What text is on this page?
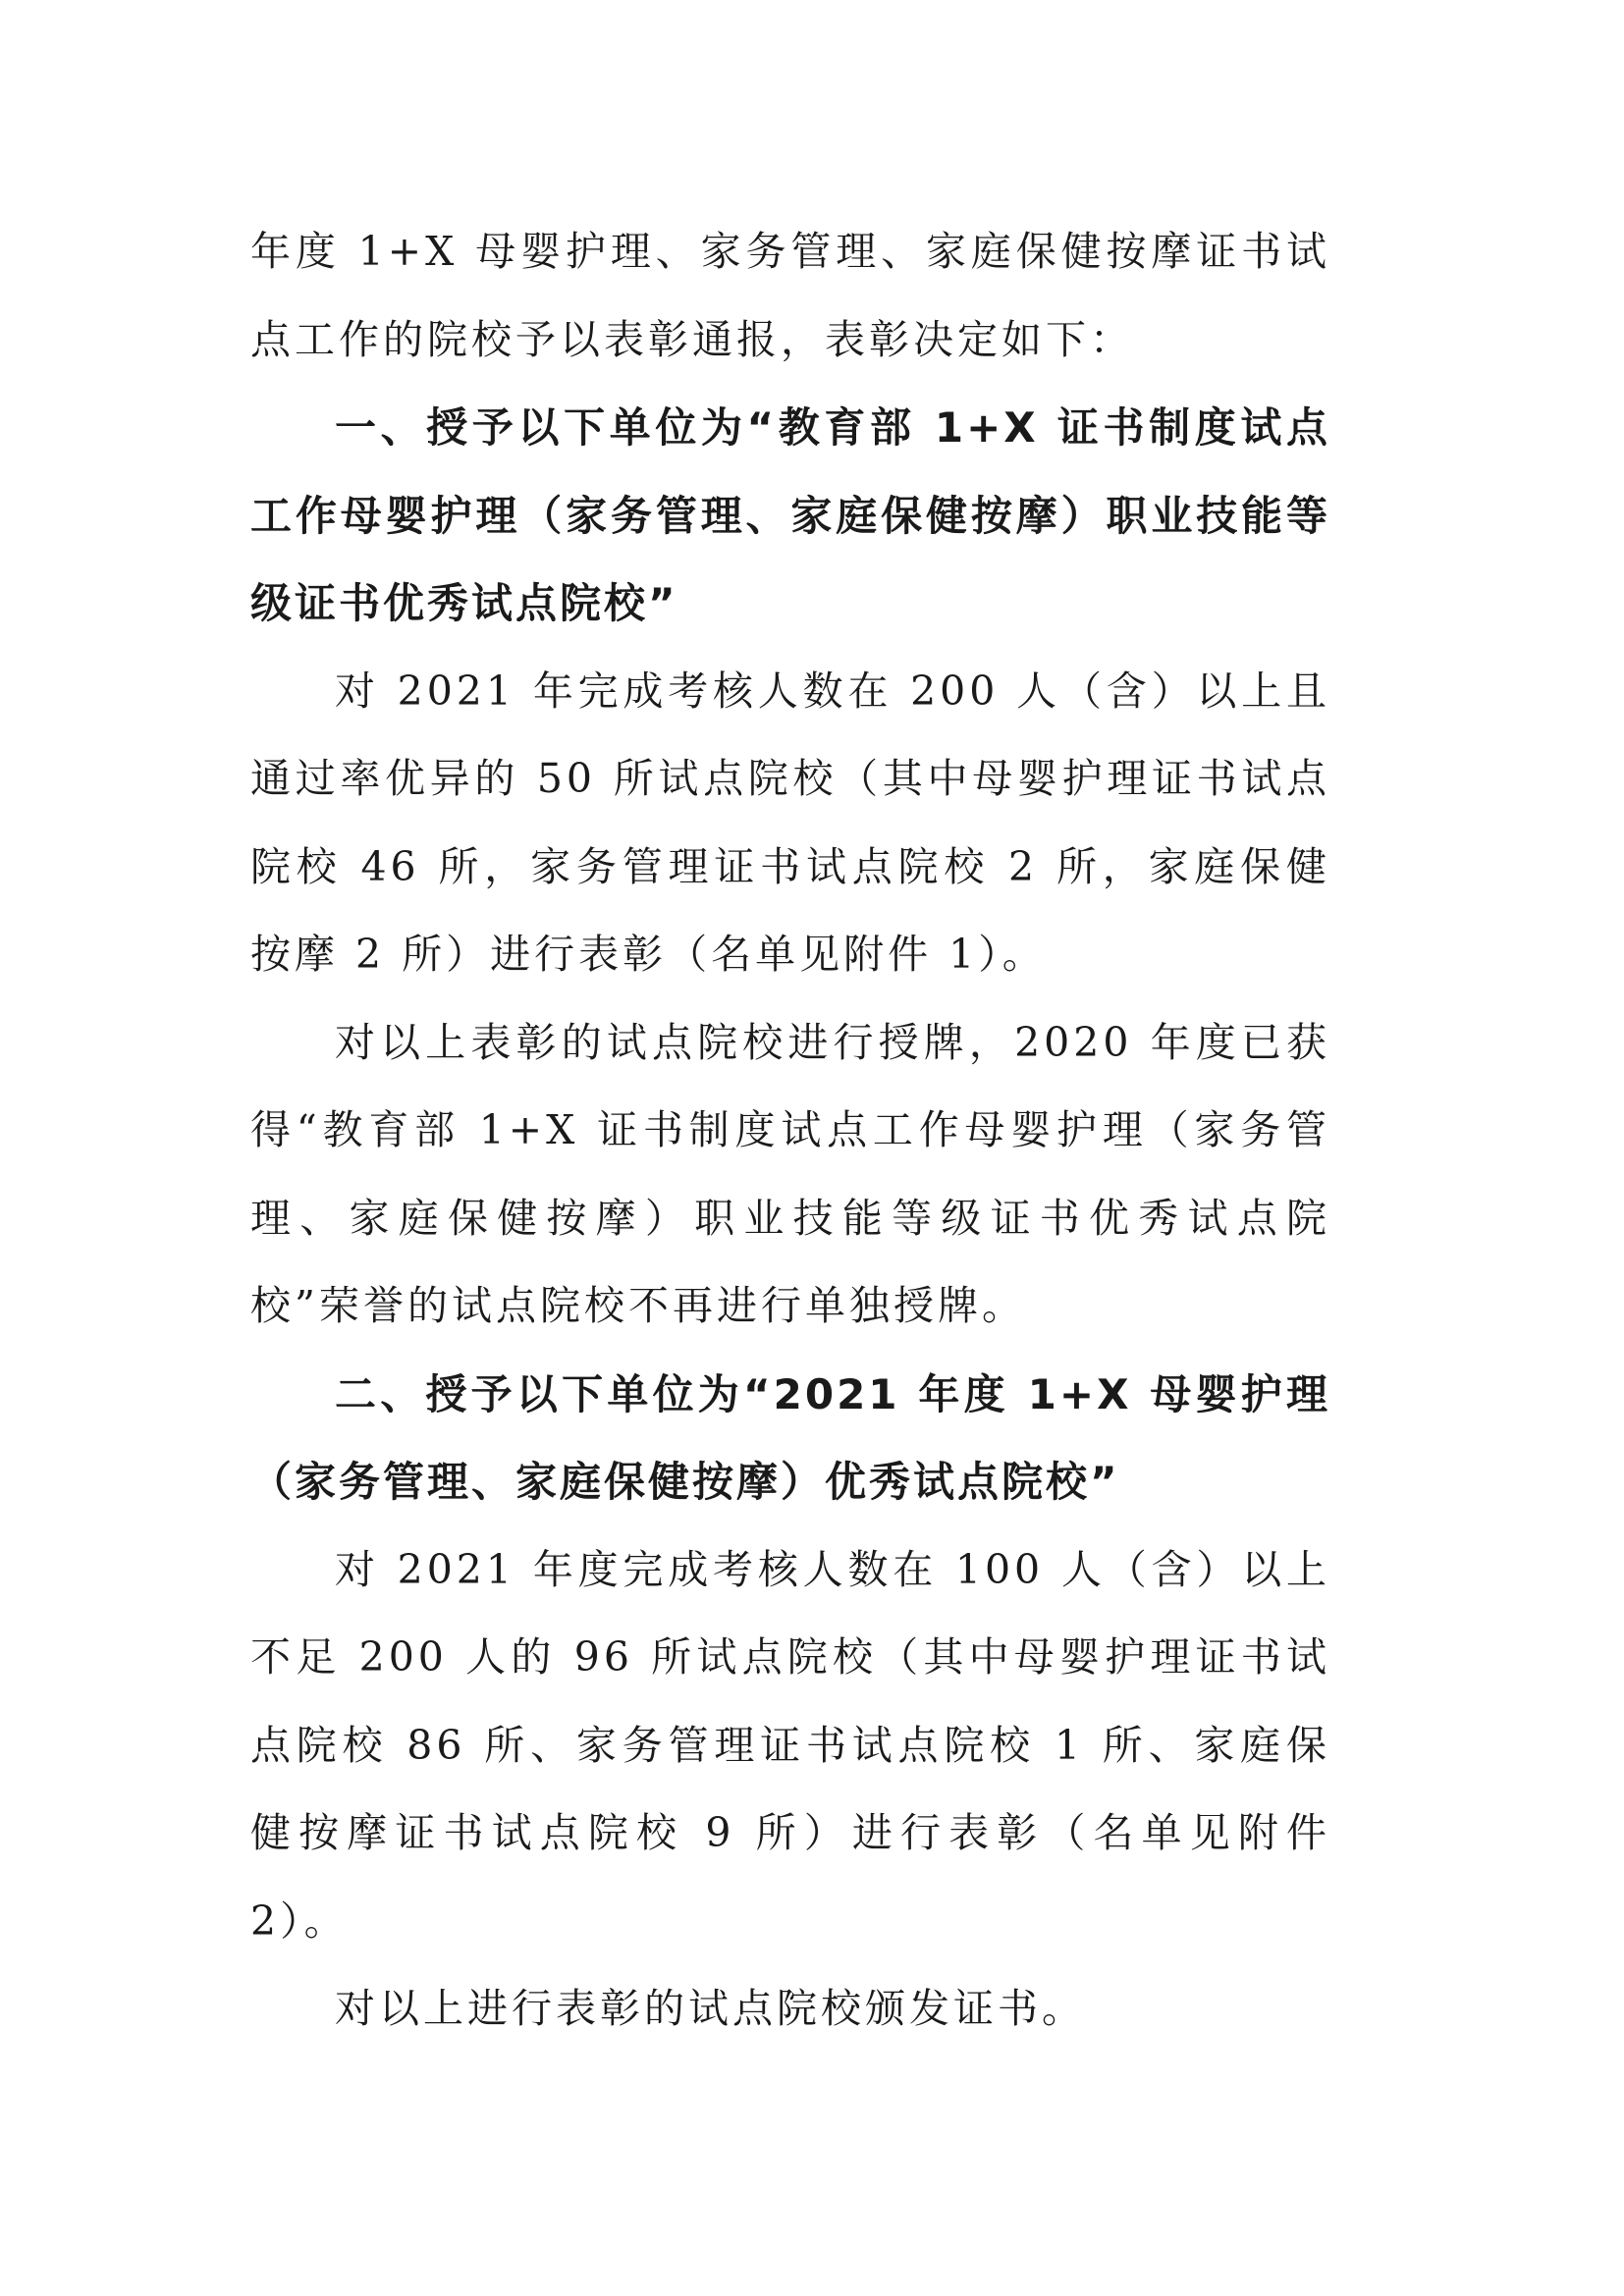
年度 1+X 母婴护理、家务管理、家庭保健按摩证书试点工作的院校予以表彰通报，表彰决定如下：

一、授予以下单位为“教育部 1+X 证书制度试点工作母婴护理（家务管理、家庭保健按摩）职业技能等级证书优秀试点院校”

对 2021 年完成考核人数在 200 人（含）以上且通过率优异的 50 所试点院校（其中母婴护理证书试点院校 46 所，家务管理证书试点院校 2 所，家庭保健按摩 2 所）进行表彰（名单见附件 1）。

对以上表彰的试点院校进行授牌，2020 年度已获得“教育部 1+X 证书制度试点工作母婴护理（家务管理、家庭保健按摩）职业技能等级证书优秀试点院校”荣誉的试点院校不再进行单独授牌。

二、授予以下单位为“2021 年度 1+X 母婴护理（家务管理、家庭保健按摩）优秀试点院校”

对 2021 年度完成考核人数在 100 人（含）以上不足 200 人的 96 所试点院校（其中母婴护理证书试点院校 86 所、家务管理证书试点院校 1 所、家庭保健按摩证书试点院校 9 所）进行表彰（名单见附件 2）。

对以上进行表彰的试点院校颁发证书。
